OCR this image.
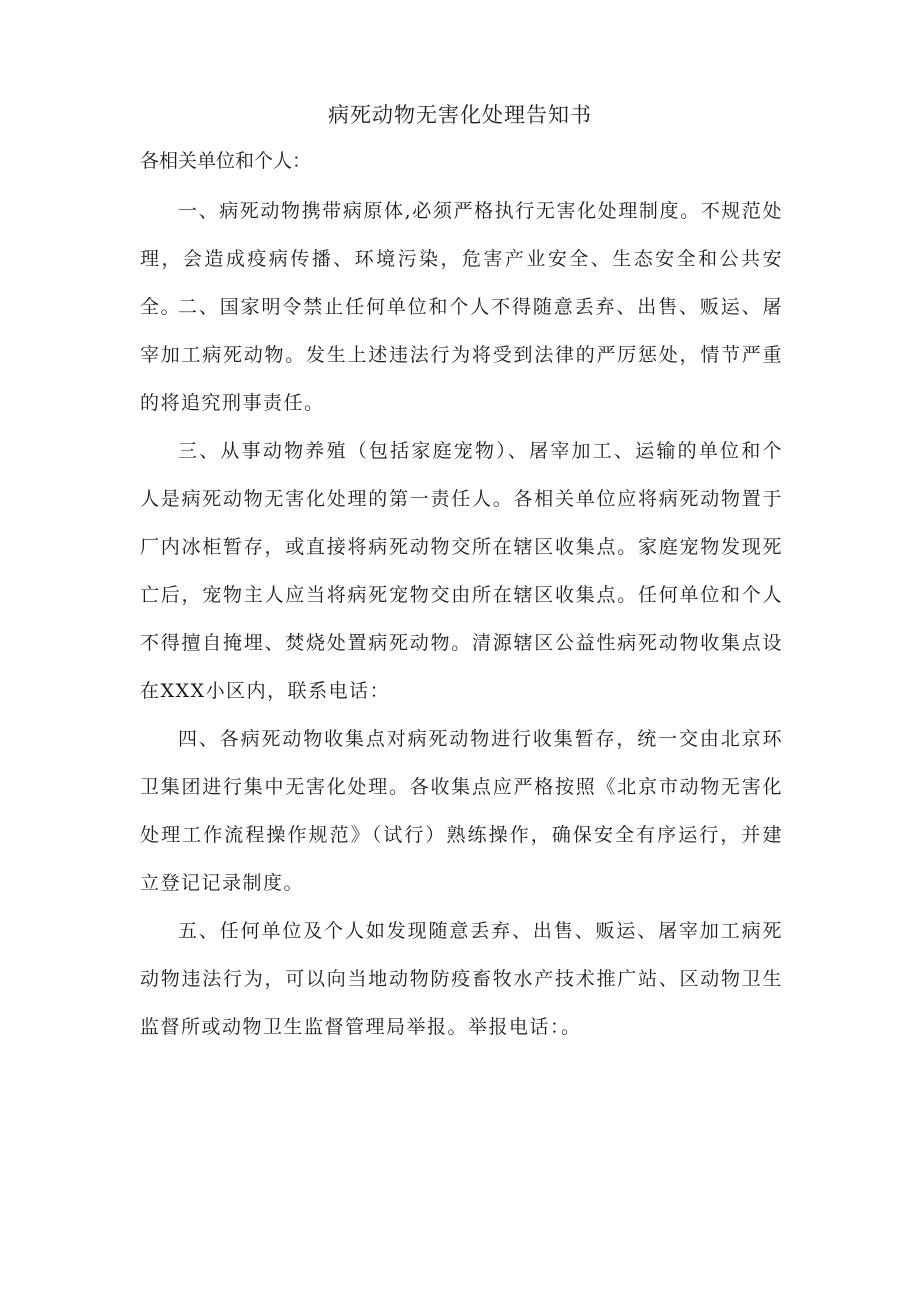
病死动物无害化处理告知书

各相关单位和个人：

一、病死动物携带病原体,必须严格执行无害化处理制度。不规范处理，会造成疫病传播、环境污染，危害产业安全、生态安全和公共安全。

二、国家明令禁止任何单位和个人不得随意丢弃、出售、贩运、屠宰加工病死动物。发生上述违法行为将受到法律的严厉惩处，情节严重的将追究刑事责任。

三、从事动物养殖（包括家庭宠物）、屠宰加工、运输的单位和个人是病死动物无害化处理的第一责任人。各相关单位应将病死动物置于厂内冰柜暂存，或直接将病死动物交所在辖区收集点。家庭宠物发现死亡后，宠物主人应当将病死宠物交由所在辖区收集点。任何单位和个人不得擅自掩埋、焚烧处置病死动物。清源辖区公益性病死动物收集点设在XXX小区内，联系电话：

四、各病死动物收集点对病死动物进行收集暂存，统一交由北京环卫集团进行集中无害化处理。各收集点应严格按照《北京市动物无害化处理工作流程操作规范》（试行）熟练操作，确保安全有序运行，并建立登记记录制度。

五、任何单位及个人如发现随意丢弃、出售、贩运、屠宰加工病死动物违法行为，可以向当地动物防疫畜牧水产技术推广站、区动物卫生监督所或动物卫生监督管理局举报。举报电话：。
